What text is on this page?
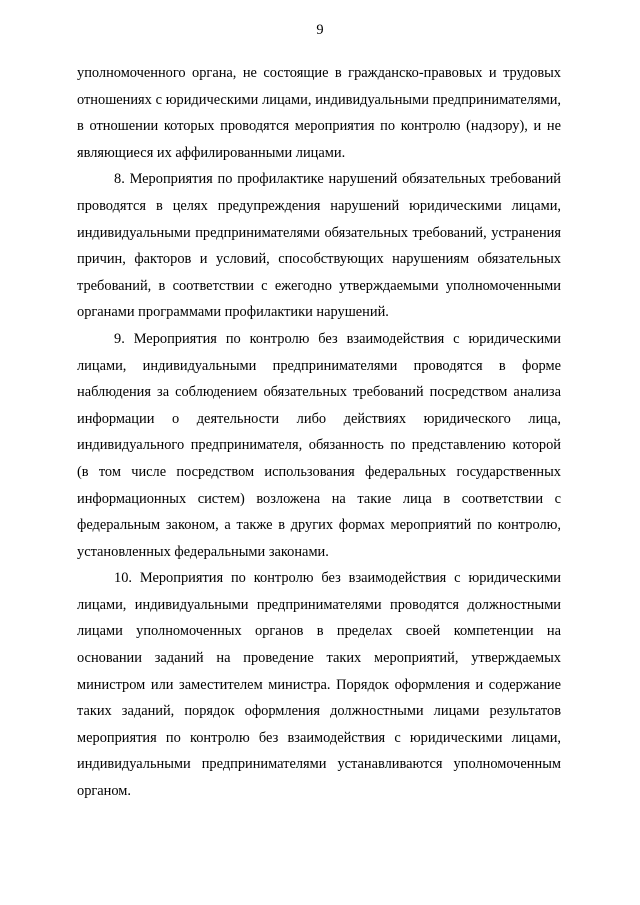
9

уполномоченного органа, не состоящие в гражданско-правовых и трудовых отношениях с юридическими лицами, индивидуальными предпринимателями, в отношении которых проводятся мероприятия по контролю (надзору), и не являющиеся их аффилированными лицами.

8. Мероприятия по профилактике нарушений обязательных требований проводятся в целях предупреждения нарушений юридическими лицами, индивидуальными предпринимателями обязательных требований, устранения причин, факторов и условий, способствующих нарушениям обязательных требований, в соответствии с ежегодно утверждаемыми уполномоченными органами программами профилактики нарушений.

9. Мероприятия по контролю без взаимодействия с юридическими лицами, индивидуальными предпринимателями проводятся в форме наблюдения за соблюдением обязательных требований посредством анализа информации о деятельности либо действиях юридического лица, индивидуального предпринимателя, обязанность по представлению которой (в том числе посредством использования федеральных государственных информационных систем) возложена на такие лица в соответствии с федеральным законом, а также в других формах мероприятий по контролю, установленных федеральными законами.

10. Мероприятия по контролю без взаимодействия с юридическими лицами, индивидуальными предпринимателями проводятся должностными лицами уполномоченных органов в пределах своей компетенции на основании заданий на проведение таких мероприятий, утверждаемых министром или заместителем министра. Порядок оформления и содержание таких заданий, порядок оформления должностными лицами результатов мероприятия по контролю без взаимодействия с юридическими лицами, индивидуальными предпринимателями устанавливаются уполномоченным органом.
